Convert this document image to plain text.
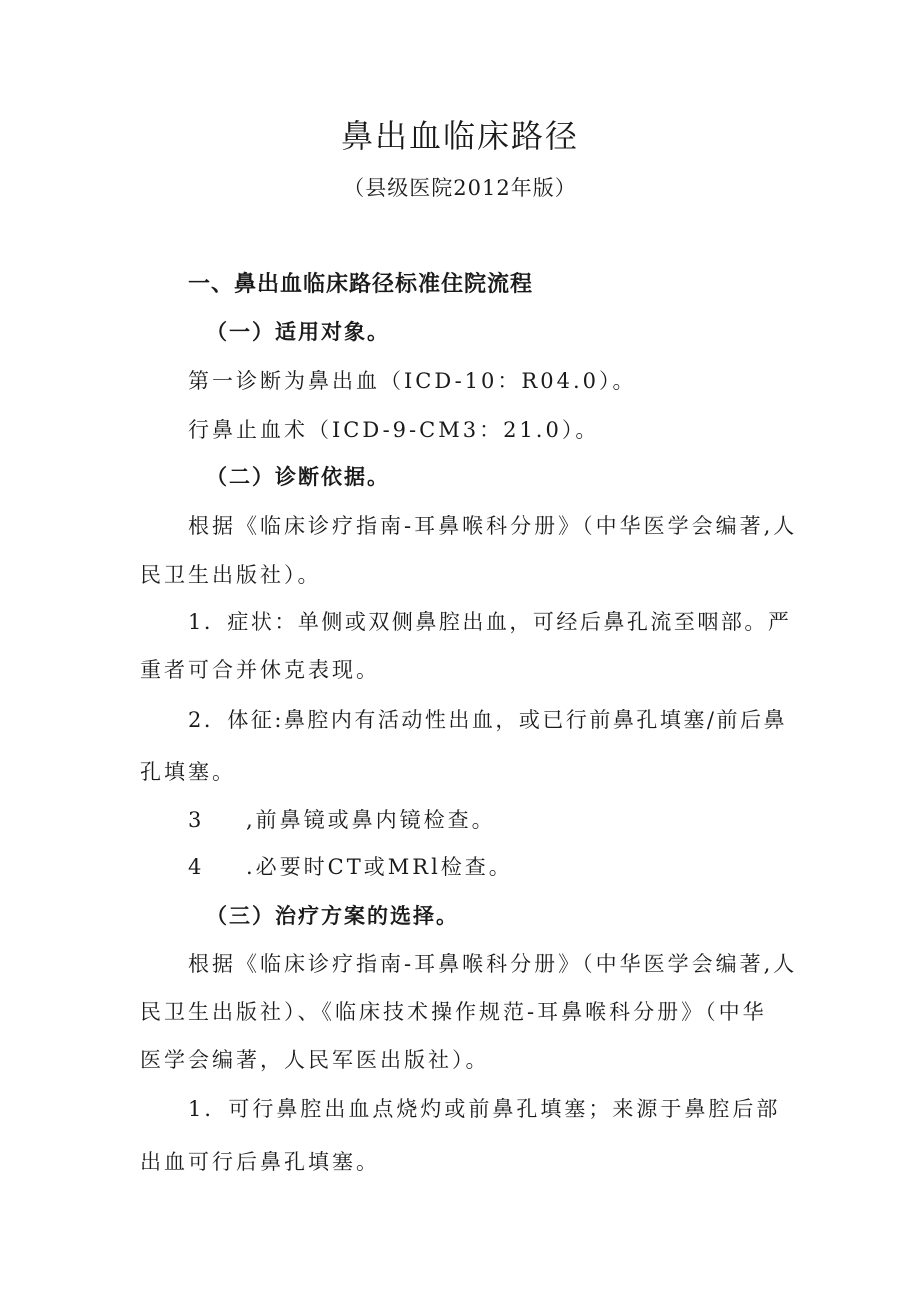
鼻出血临床路径
（县级医院2012年版）
一、鼻出血临床路径标准住院流程
（一）适用对象。
第一诊断为鼻出血（ICD-10：R04.0）。
行鼻止血术（ICD-9-CM3：21.0）。
（二）诊断依据。
根据《临床诊疗指南-耳鼻喉科分册》（中华医学会编著,人
民卫生出版社）。
1．症状：单侧或双侧鼻腔出血，可经后鼻孔流至咽部。严
重者可合并休克表现。
2．体征:鼻腔内有活动性出血，或已行前鼻孔填塞/前后鼻
孔填塞。
3 ,前鼻镜或鼻内镜检查。
4 .必要时CT或MRl检查。
（三）治疗方案的选择。
根据《临床诊疗指南-耳鼻喉科分册》（中华医学会编著,人
民卫生出版社）、《临床技术操作规范-耳鼻喉科分册》（中华
医学会编著，人民军医出版社）。
1．可行鼻腔出血点烧灼或前鼻孔填塞；来源于鼻腔后部
出血可行后鼻孔填塞。
